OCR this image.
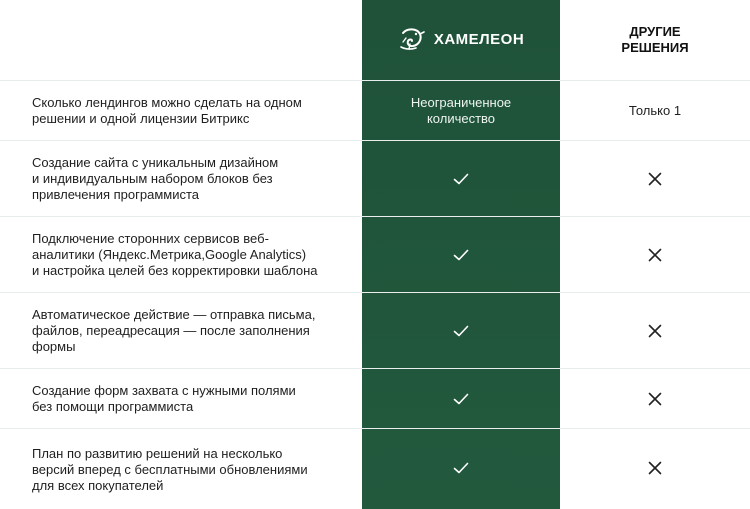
ХАМЕЛЕОН	ДРУГИЕ
РЕШЕНИЯ
Сколько лендингов можно сделать на одном
решении и одной лицензии Битрикс
Неограниченное
количество
Только 1
Создание сайта с уникальным дизайном
и индивидуальным набором блоков без
привлечения программиста
Подключение сторонних сервисов веб-
аналитики (Яндекс.Метрика,Google Analytics)
и настройка целей без корректировки шаблона
Автоматическое действие — отправка письма,
файлов, переадресация — после заполнения
формы
Создание форм захвата с нужными полями
без помощи программиста
План по развитию решений на несколько
версий вперед с бесплатными обновлениями
для всех покупателей
